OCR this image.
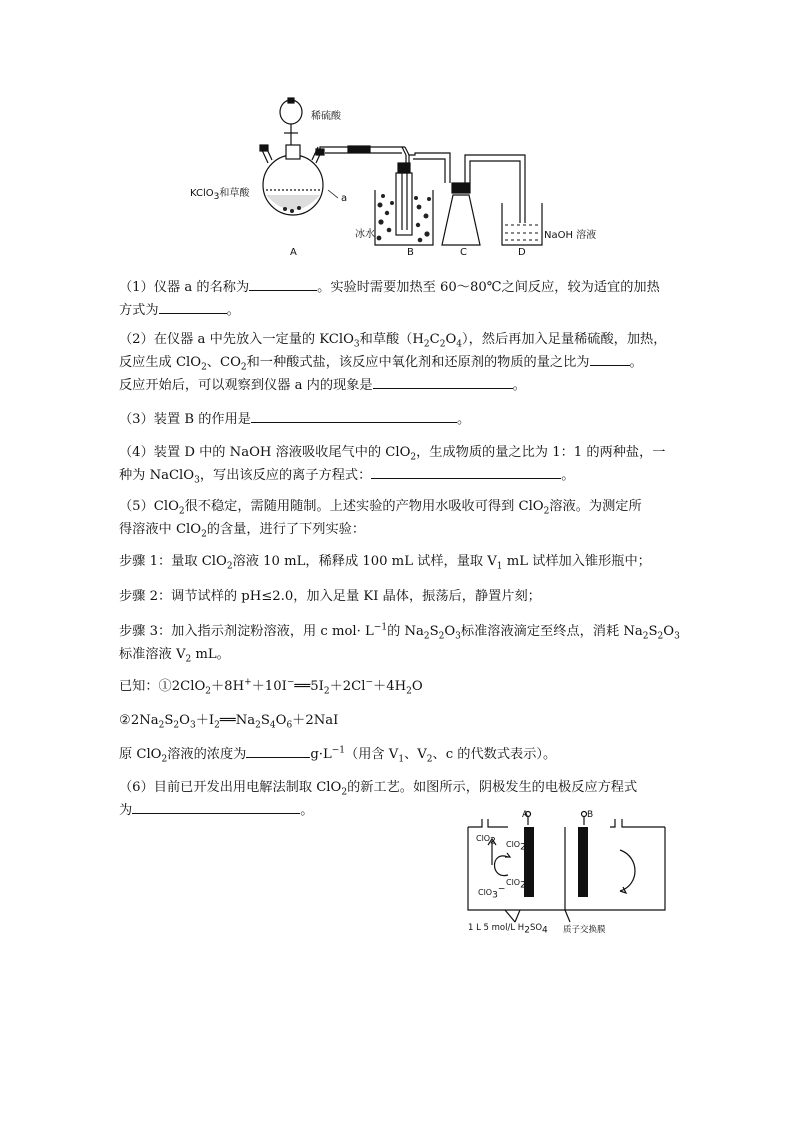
稀硫酸
KClO$_3$和草酸	a
冰水	NaOH 溶液
A	B	C	D
（1）仪器 a 的名称为	。实验时需要加热至 60～80℃之间反应，较为适宜的加热
方式为	。
（2）在仪器 a 中先放入一定量的 KClO$_3$和草酸$(H_2C_2O_4)$，然后再加入足量稀硫酸，加热，
反应生成 ClO$_2$、$CO_2$和一种酸式盐，该反应中氧化剂和还原剂的物质的量之比为	。
反应开始后，可以观察到仪器 a 内的现象是	。
（3）装置 B 的作用是	。
（4）装置 D 中的 NaOH 溶液吸收尾气中的 ClO$_2$，生成物质的量之比为 1：1 的两种盐，一
种为 NaClO$_3$，写出该反应的离子方程式：	。
（5）ClO$_2$很不稳定，需随用随制。上述实验的产物用水吸收可得到 ClO$_2$溶液。为测定所
得溶液中 ClO$_2$的含量，进行了下列实验：
步骤 1：量取 ClO$_2$溶液 10 mL，稀释成 100 mL 试样，量取 $V_1$ mL 试样加入锥形瓶中；
步骤 2：调节试样的 pH≤2.0，加入足量 KI 晶体，振荡后，静置片刻；
步骤 3：加入指示剂淀粉溶液，用 c $mol\cdot L^{-1}$的 $Na_2S_2O_3$标准溶液滴定至终点，消耗 $Na_2S_2O_3$
标准溶液 $V_2$ mL。
已知：$①2ClO_2+8H^++10I^-══5I_2+2Cl^-+4H_2O$
$②2Na_2S_2O_3+I_2══Na_2S_4O_6+2NaI$
原 ClO$_2$溶液的浓度为	$g\cdot L^{-1}$（用含 $V_1$、$V_2$、c 的代数式表示）。
（6）目前已开发出用电解法制取 ClO$_2$的新工艺。如图所示，阴极发生的电极反应方程式
为	。	A	B
ClO$_2$ ClO$_2$
ClO$_2$
ClO$_3$−
1 L 5 mol/L $H_2SO_4$ 质子交换膜
